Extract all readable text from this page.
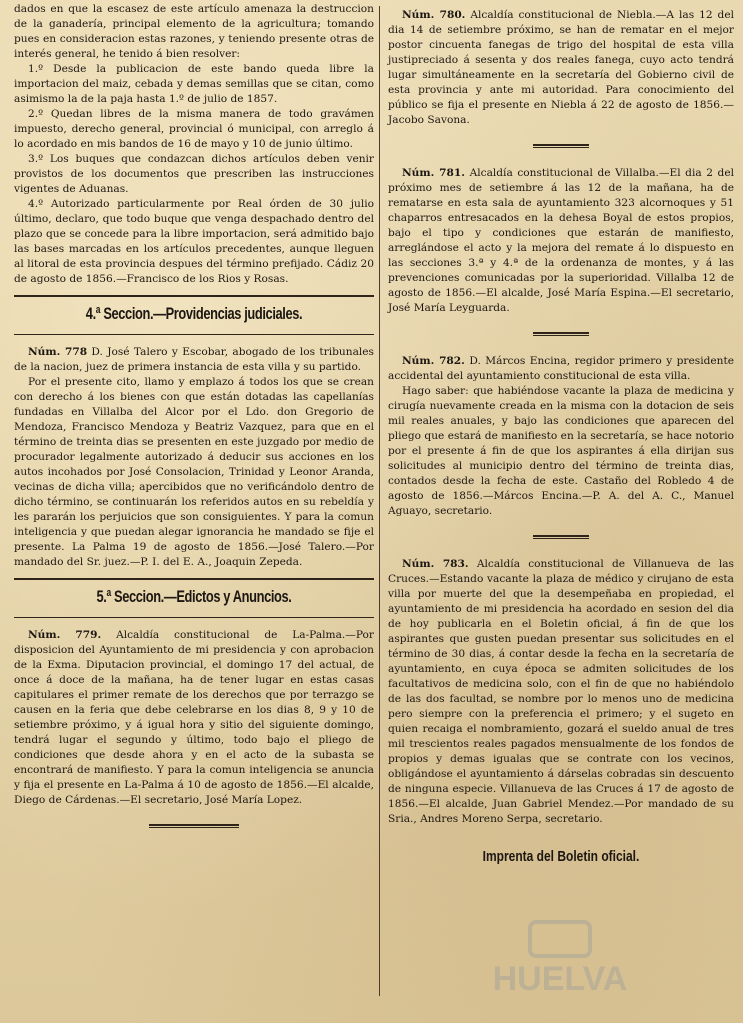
dados en que la escasez de este artículo amenaza la destruccion de la ganadería, principal elemento de la agricultura; tomando pues en consideracion estas razones, y teniendo presente otras de interés general, he tenido á bien resolver:

1.º Desde la publicacion de este bando queda libre la importacion del maiz, cebada y demas semillas que se citan, como asimismo la de la paja hasta 1.º de julio de 1857.

2.º Quedan libres de la misma manera de todo gravámen impuesto, derecho general, provincial ó municipal, con arreglo á lo acordado en mis bandos de 16 de mayo y 10 de junio último.

3.º Los buques que condazcan dichos artículos deben venir provistos de los documentos que prescriben las instrucciones vigentes de Aduanas.

4.º Autorizado particularmente por Real órden de 30 julio último, declaro, que todo buque que venga despachado dentro del plazo que se concede para la libre importacion, será admitido bajo las bases marcadas en los artículos precedentes, aunque lleguen al litoral de esta provincia despues del término prefijado. Cádiz 20 de agosto de 1856.—Francisco de los Rios y Rosas.

4.ª Seccion.—Providencias judiciales.

Núm. 778 D. José Talero y Escobar, abogado de los tribunales de la nacion, juez de primera instancia de esta villa y su partido.

Por el presente cito, llamo y emplazo á todos los que se crean con derecho á los bienes con que están dotadas las capellanías fundadas en Villalba del Alcor por el Ldo. don Gregorio de Mendoza, Francisco Mendoza y Beatriz Vazquez, para que en el término de treinta dias se presenten en este juzgado por medio de procurador legalmente autorizado á deducir sus acciones en los autos incohados por José Consolacion, Trinidad y Leonor Aranda, vecinas de dicha villa; apercibidos que no verificándolo dentro de dicho término, se continuarán los referidos autos en su rebeldía y les pararán los perjuicios que son consiguientes. Y para la comun inteligencia y que puedan alegar ignorancia he mandado se fije el presente. La Palma 19 de agosto de 1856.—José Talero.—Por mandado del Sr. juez.—P. I. del E. A., Joaquin Zepeda.

5.ª Seccion.—Edictos y Anuncios.

Núm. 779. Alcaldía constitucional de La-Palma.—Por disposicion del Ayuntamiento de mi presidencia y con aprobacion de la Exma. Diputacion provincial, el domingo 17 del actual, de once á doce de la mañana, ha de tener lugar en estas casas capitulares el primer remate de los derechos que por terrazgo se causen en la feria que debe celebrarse en los dias 8, 9 y 10 de setiembre próximo, y á igual hora y sitio del siguiente domingo, tendrá lugar el segundo y último, todo bajo el pliego de condiciones que desde ahora y en el acto de la subasta se encontrará de manifiesto. Y para la comun inteligencia se anuncia y fija el presente en La-Palma á 10 de agosto de 1856.—El alcalde, Diego de Cárdenas.—El secretario, José María Lopez.

Núm. 780. Alcaldía constitucional de Niebla.—A las 12 del dia 14 de setiembre próximo, se han de rematar en el mejor postor cincuenta fanegas de trigo del hospital de esta villa justipreciado á sesenta y dos reales fanega, cuyo acto tendrá lugar simultáneamente en la secretaría del Gobierno civil de esta provincia y ante mi autoridad. Para conocimiento del público se fija el presente en Niebla á 22 de agosto de 1856.—Jacobo Savona.

Núm. 781. Alcaldía constitucional de Villalba.—El dia 2 del próximo mes de setiembre á las 12 de la mañana, ha de rematarse en esta sala de ayuntamiento 323 alcornoques y 51 chaparros entresacados en la dehesa Boyal de estos propios, bajo el tipo y condiciones que estarán de manifiesto, arreglándose el acto y la mejora del remate á lo dispuesto en las secciones 3.ª y 4.ª de la ordenanza de montes, y á las prevenciones comunicadas por la superioridad. Villalba 12 de agosto de 1856.—El alcalde, José María Espina.—El secretario, José María Leyguarda.

Núm. 782. D. Márcos Encina, regidor primero y presidente accidental del ayuntamiento constitucional de esta villa.

Hago saber: que habiéndose vacante la plaza de medicina y cirugía nuevamente creada en la misma con la dotacion de seis mil reales anuales, y bajo las condiciones que aparecen del pliego que estará de manifiesto en la secretaría, se hace notorio por el presente á fin de que los aspirantes á ella dirijan sus solicitudes al municipio dentro del término de treinta dias, contados desde la fecha de este. Castaño del Robledo 4 de agosto de 1856.—Márcos Encina.—P. A. del A. C., Manuel Aguayo, secretario.

Núm. 783. Alcaldía constitucional de Villanueva de las Cruces.—Estando vacante la plaza de médico y cirujano de esta villa por muerte del que la desempeñaba en propiedad, el ayuntamiento de mi presidencia ha acordado en sesion del dia de hoy publicarla en el Boletin oficial, á fin de que los aspirantes que gusten puedan presentar sus solicitudes en el término de 30 dias, á contar desde la fecha en la secretaría de ayuntamiento, en cuya época se admiten solicitudes de los facultativos de medicina solo, con el fin de que no habiéndolo de las dos facultad, se nombre por lo menos uno de medicina pero siempre con la preferencia el primero; y el sugeto en quien recaiga el nombramiento, gozará el sueldo anual de tres mil trescientos reales pagados mensualmente de los fondos de propios y demas igualas que se contrate con los vecinos, obligándose el ayuntamiento á dárselas cobradas sin descuento de ninguna especie. Villanueva de las Cruces á 17 de agosto de 1856.—El alcalde, Juan Gabriel Mendez.—Por mandado de su Sria., Andres Moreno Serpa, secretario.

Imprenta del Boletin oficial.
HUELVA
